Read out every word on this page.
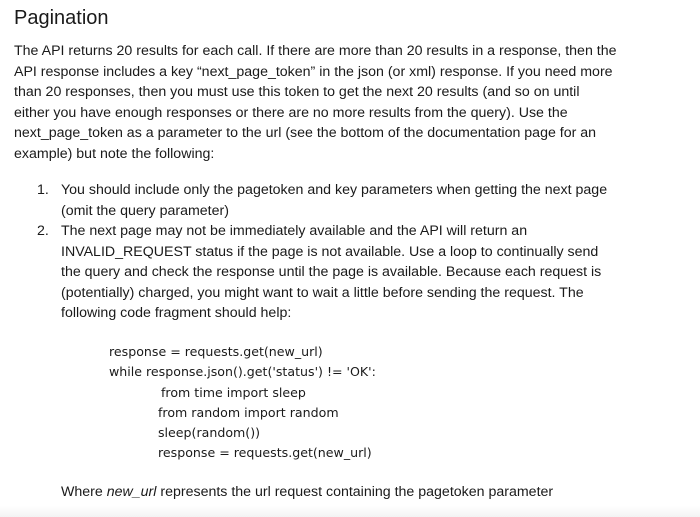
Pagination
The API returns 20 results for each call. If there are more than 20 results in a response, then the
API response includes a key “next_page_token” in the json (or xml) response. If you need more
than 20 responses, then you must use this token to get the next 20 results (and so on until
either you have enough responses or there are no more results from the query). Use the
next_page_token as a parameter to the url (see the bottom of the documentation page for an
example) but note the following:
1. You should include only the pagetoken and key parameters when getting the next page
(omit the query parameter)
2. The next page may not be immediately available and the API will return an
INVALID_REQUEST status if the page is not available. Use a loop to continually send
the query and check the response until the page is available. Because each request is
(potentially) charged, you might want to wait a little before sending the request. The
following code fragment should help:
response = requests.get(new_url)
while response.json().get('status') != 'OK':
from time import sleep
from random import random
sleep(random())
response = requests.get(new_url)
Where new_url represents the url request containing the pagetoken parameter
